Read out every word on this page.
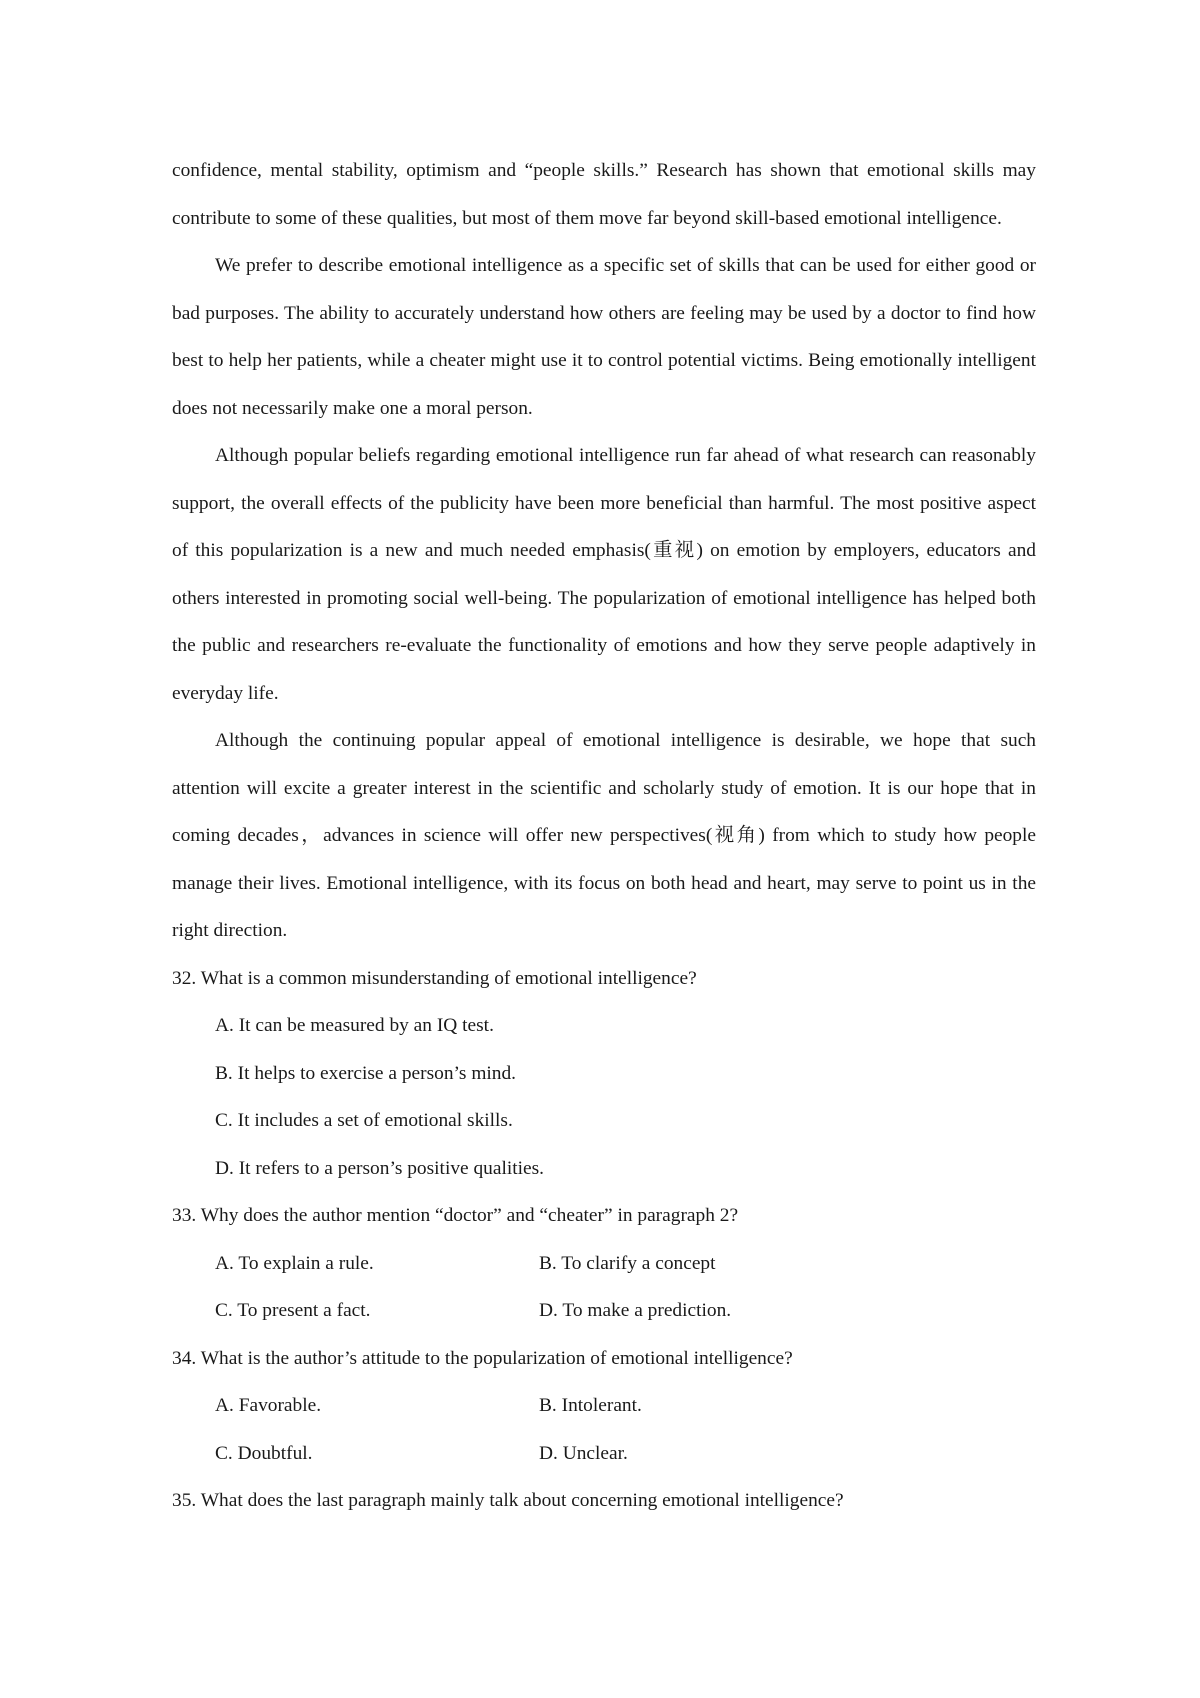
confidence, mental stability, optimism and “people skills.” Research has shown that emotional skills may contribute to some of these qualities, but most of them move far beyond skill-based emotional intelligence.

We prefer to describe emotional intelligence as a specific set of skills that can be used for either good or bad purposes. The ability to accurately understand how others are feeling may be used by a doctor to find how best to help her patients, while a cheater might use it to control potential victims. Being emotionally intelligent does not necessarily make one a moral person.

Although popular beliefs regarding emotional intelligence run far ahead of what research can reasonably support, the overall effects of the publicity have been more beneficial than harmful. The most positive aspect of this popularization is a new and much needed emphasis(重视) on emotion by employers, educators and others interested in promoting social well-being. The popularization of emotional intelligence has helped both the public and researchers re-evaluate the functionality of emotions and how they serve people adaptively in everyday life.

Although the continuing popular appeal of emotional intelligence is desirable, we hope that such attention will excite a greater interest in the scientific and scholarly study of emotion. It is our hope that in coming decades，advances in science will offer new perspectives(视角) from which to study how people manage their lives. Emotional intelligence, with its focus on both head and heart, may serve to point us in the right direction.

32. What is a common misunderstanding of emotional intelligence?

A. It can be measured by an IQ test.

B. It helps to exercise a person’s mind.

C. It includes a set of emotional skills.

D. It refers to a person’s positive qualities.

33. Why does the author mention “doctor” and “cheater” in paragraph 2?

A. To explain a rule.	B. To clarify a concept
C. To present a fact.	D. To make a prediction.

34. What is the author’s attitude to the popularization of emotional intelligence?

A. Favorable.	B. Intolerant.
C. Doubtful.	D. Unclear.

35. What does the last paragraph mainly talk about concerning emotional intelligence?
